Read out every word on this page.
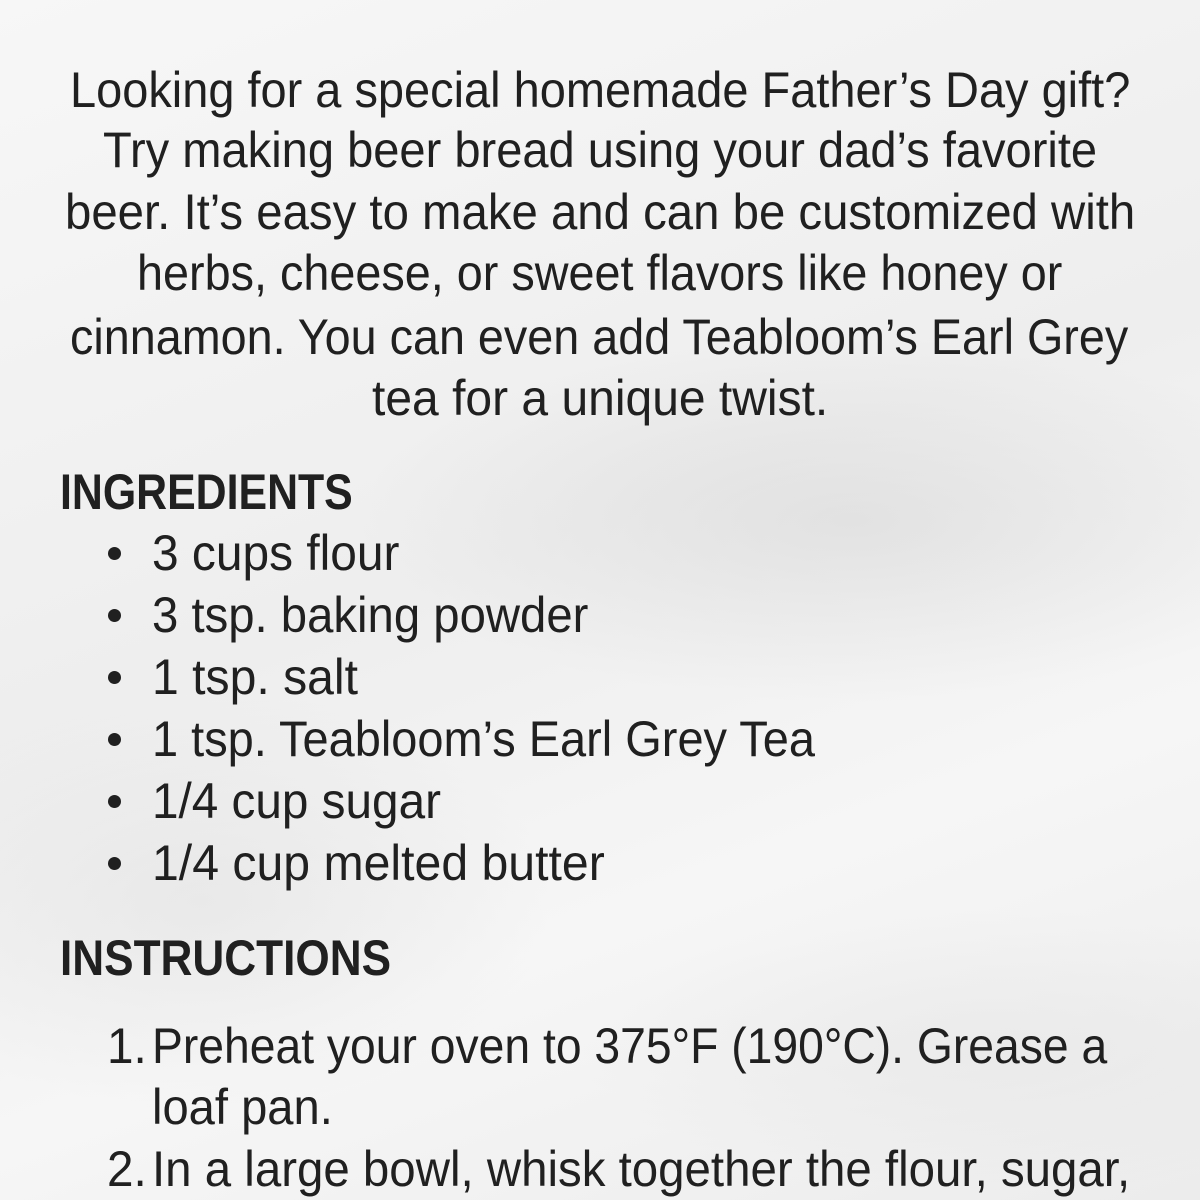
Looking for a special homemade Father’s Day gift?
Try making beer bread using your dad’s favorite
beer. It’s easy to make and can be customized with
herbs, cheese, or sweet flavors like honey or
cinnamon. You can even add Teabloom’s Earl Grey
tea for a unique twist.
INGREDIENTS
3 cups flour
3 tsp. baking powder
1 tsp. salt
1 tsp. Teabloom’s Earl Grey Tea
1/4 cup sugar
1/4 cup melted butter
INSTRUCTIONS
1. Preheat your oven to 375°F (190°C). Grease a
loaf pan.
2. In a large bowl, whisk together the flour, sugar,
